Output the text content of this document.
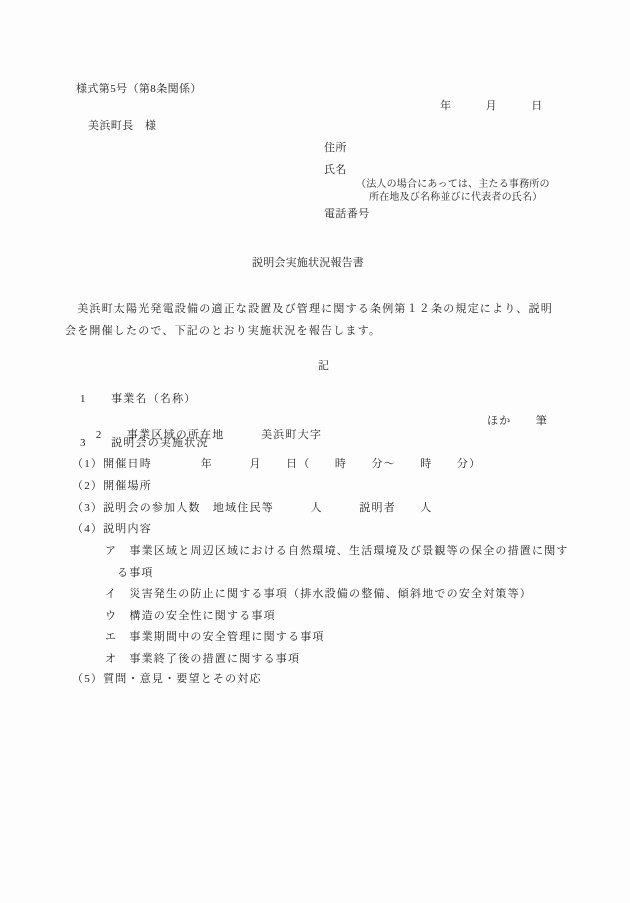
様式第5号（第8条関係）
年　　　月　　　日
美浜町長　様
住所
氏名
（法人の場合にあっては、主たる事務所の
所在地及び名称並びに代表者の氏名）
電話番号
説明会実施状況報告書
　美浜町太陽光発電設備の適正な設置及び管理に関する条例第１２条の規定により、説明
会を開催したので、下記のとおり実施状況を報告します。
記
1　　事業名（名称）

2　　事業区域の所在地　　　美浜町大字

ほか　　筆

3　　説明会の実施状況
（1）開催日時　　　　年　　　月　　日（　　時　　分～　　時　　分）
（2）開催場所
（3）説明会の参加人数　地域住民等　　　人　　　説明者　　人
（4）説明内容
ア　事業区域と周辺区域における自然環境、生活環境及び景観等の保全の措置に関す
る事項
イ　災害発生の防止に関する事項（排水設備の整備、傾斜地での安全対策等）
ウ　構造の安全性に関する事項
エ　事業期間中の安全管理に関する事項
オ　事業終了後の措置に関する事項
（5）質問・意見・要望とその対応
